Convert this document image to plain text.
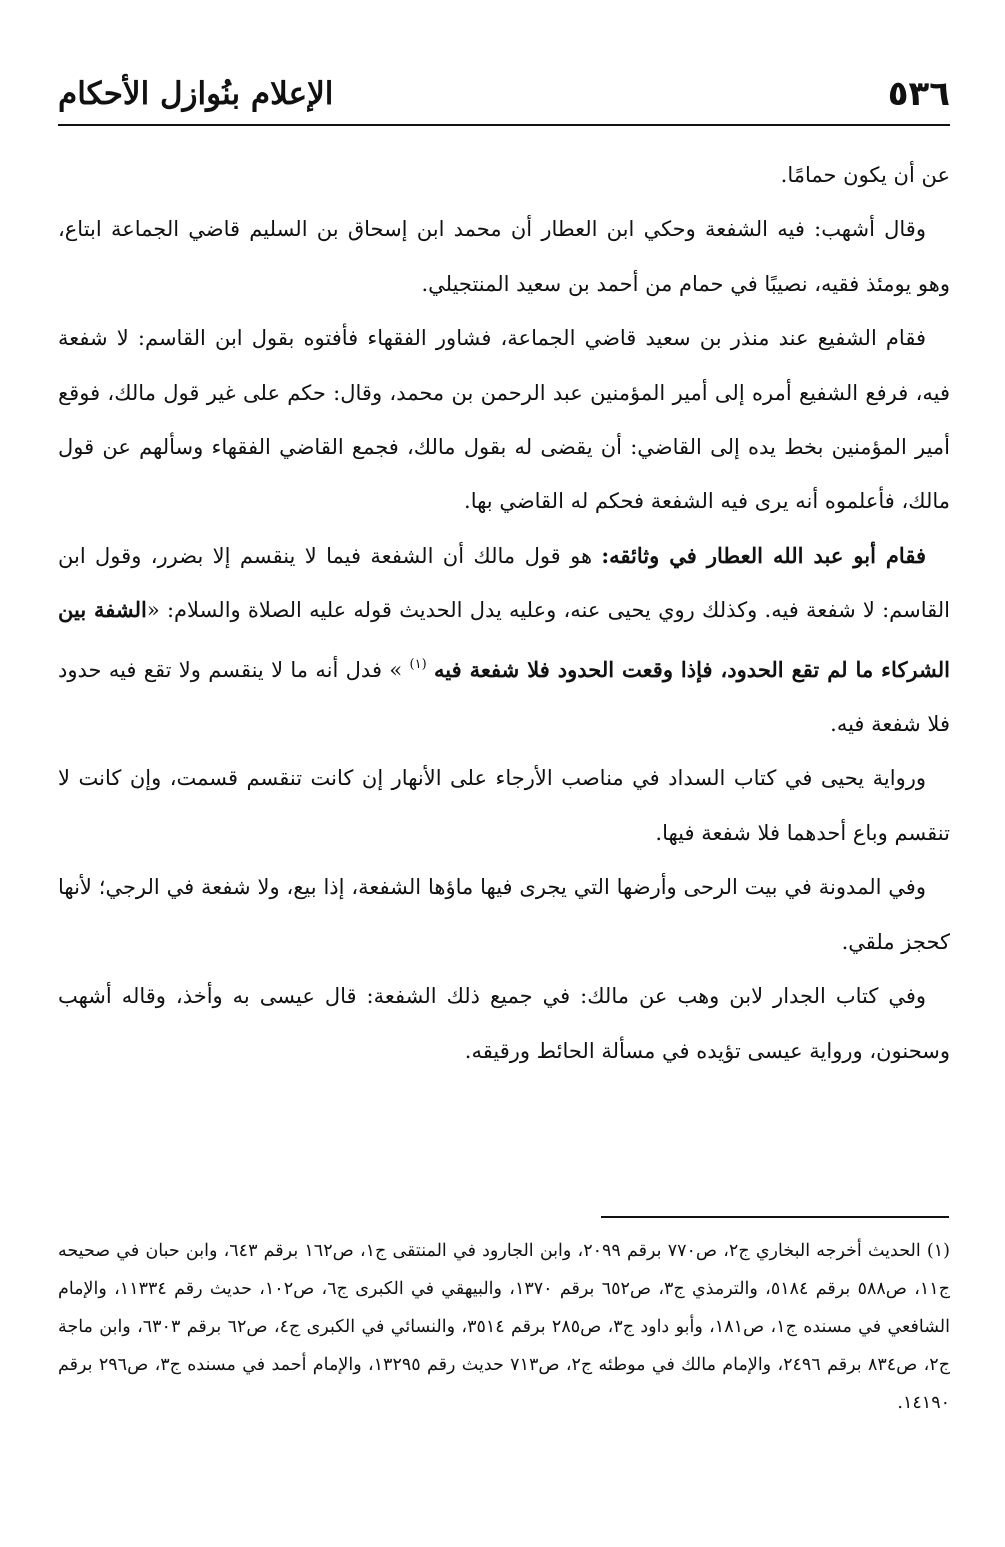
٥٣٦
الإعلام بنُوازل الأحكام

عن أن يكون حمامًا.

وقال أشهب: فيه الشفعة وحكي ابن العطار أن محمد ابن إسحاق بن السليم قاضي الجماعة ابتاع، وهو يومئذ فقيه، نصيبًا في حمام من أحمد بن سعيد المنتجيلي.

فقام الشفيع عند منذر بن سعيد قاضي الجماعة، فشاور الفقهاء فأفتوه بقول ابن القاسم: لا شفعة فيه، فرفع الشفيع أمره إلى أمير المؤمنين عبد الرحمن بن محمد، وقال: حكم على غير قول مالك، فوقع أمير المؤمنين بخط يده إلى القاضي: أن يقضى له بقول مالك، فجمع القاضي الفقهاء وسألهم عن قول مالك، فأعلموه أنه يرى فيه الشفعة فحكم له القاضي بها.

فقام أبو عبد الله العطار في وثائقه: هو قول مالك أن الشفعة فيما لا ينقسم إلا بضرر، وقول ابن القاسم: لا شفعة فيه. وكذلك روي يحيى عنه، وعليه يدل الحديث قوله عليه الصلاة والسلام: «الشفة بين الشركاء ما لم تقع الحدود، فإذا وقعت الحدود فلا شفعة فيه $^{(١)}$ » فدل أنه ما لا ينقسم ولا تقع فيه حدود فلا شفعة فيه.

ورواية يحيى في كتاب السداد في مناصب الأرجاء على الأنهار إن كانت تنقسم قسمت، وإن كانت لا تنقسم وباع أحدهما فلا شفعة فيها.

وفي المدونة في بيت الرحى وأرضها التي يجرى فيها ماؤها الشفعة، إذا بيع، ولا شفعة في الرجي؛ لأنها كحجز ملقي.

وفي كتاب الجدار لابن وهب عن مالك: في جميع ذلك الشفعة: قال عيسى به وأخذ، وقاله أشهب وسحنون، ورواية عيسى تؤيده في مسألة الحائط ورقيقه.

(١) الحديث أخرجه البخاري ج٢، ص٧٧٠ برقم ٢٠٩٩، وابن الجارود في المنتقى ج١، ص١٦٢ برقم ٦٤٣، وابن حبان في صحيحه ج١١، ص٥٨٨ برقم ٥١٨٤، والترمذي ج٣، ص٦٥٢ برقم ١٣٧٠، والبيهقي في الكبرى ج٦، ص١٠٢، حديث رقم ١١٣٣٤، والإمام الشافعي في مسنده ج١، ص١٨١، وأبو داود ج٣، ص٢٨٥ برقم ٣٥١٤، والنسائي في الكبرى ج٤، ص٦٢ برقم ٦٣٠٣، وابن ماجة ج٢، ص٨٣٤ برقم ٢٤٩٦، والإمام مالك في موطئه ج٢، ص٧١٣ حديث رقم ١٣٢٩٥، والإمام أحمد في مسنده ج٣، ص٢٩٦ برقم ١٤١٩٠.
